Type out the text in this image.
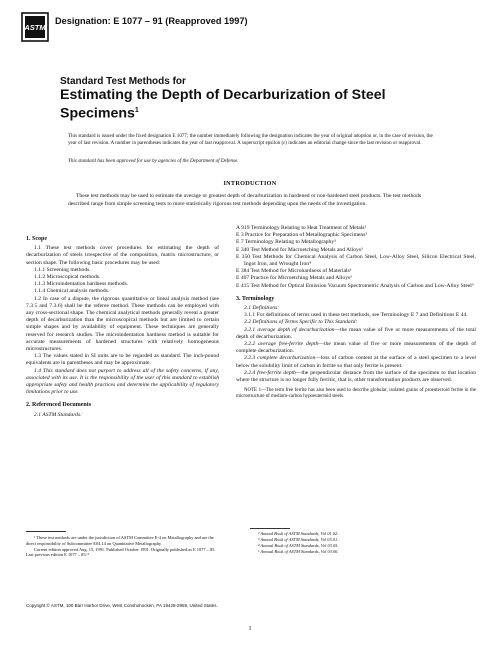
ASTM
Designation: E 1077 – 91 (Reapproved 1997)
Standard Test Methods for
Estimating the Depth of Decarburization of Steel
Specimens$^1$
This standard is issued under the fixed designation E 1077; the number immediately following the designation indicates the year of original adoption or, in the case of revision, the year of last revision. A number in parentheses indicates the year of last reapproval. A superscript epsilon (ε) indicates an editorial change since the last revision or reapproval.
This standard has been approved for use by agencies of the Department of Defense.
INTRODUCTION
These test methods may be used to estimate the average or greatest depth of decarburization in hardened or non-hardened steel products. The test methods described range from simple screening tests to more statistically rigorous test methods depending upon the needs of the investigation.
1. Scope

1.1 These test methods cover procedures for estimating the depth of decarburization of steels irrespective of the composition, matrix microstructure, or section shape. The following basic procedures may be used:

1.1.1 Screening methods.

1.1.2 Microscopical methods.

1.1.3 Microindentation hardness methods.

1.1.4 Chemical analysis methods.

1.2 In case of a dispute, the rigorous quantitative or lineal analysis method (see 7.3.5 and 7.3.6) shall be the referee method. These methods can be employed with any cross-sectional shape. The chemical analytical methods generally reveal a greater depth of decarburization than the microscopical methods but are limited to certain simple shapes and by availability of equipment. These techniques are generally reserved for research studies. The microindentation hardness method is suitable for accurate measurements of hardened structures with relatively homogeneous microstructures.

1.3 The values stated in SI units are to be regarded as standard. The inch-pound equivalents are in parentheses and may be approximate.

1.4 This standard does not purport to address all of the safety concerns, if any, associated with its use. It is the responsibility of the user of this standard to establish appropriate safety and health practices and determine the applicability of regulatory limitations prior to use.

2. Referenced Documents

2.1 ASTM Standards:

A 919 Terminology Relating to Heat Treatment of Metals²

E 3 Practice for Preparation of Metallographic Specimens³

E 7 Terminology Relating to Metallography³

E 340 Test Method for Macroetching Metals and Alloys³

E 350 Test Methods for Chemical Analysis of Carbon Steel, Low-Alloy Steel, Silicon Electrical Steel, Ingot Iron, and Wrought Iron⁴

E 384 Test Method for Microhardness of Materials³

E 407 Practice for Microetching Metals and Alloys³

E 415 Test Method for Optical Emission Vacuum Spectrometric Analysis of Carbon and Low-Alloy Steel⁵

3. Terminology

3.1 Definitions:

3.1.1 For definitions of terms used in these test methods, see Terminology E 7 and Definitions E 44.

3.2 Definitions of Terms Specific to This Standard:

3.2.1 average depth of decarburization—the mean value of five or more measurements of the total depth of decarburization.

3.2.2 average free-ferrite depth—the mean value of five or more measurements of the depth of complete decarburization.

3.2.3 complete decarburization—loss of carbon content at the surface of a steel specimen to a level below the solubility limit of carbon in ferrite so that only ferrite is present.

3.2.4 free-ferrite depth—the perpendicular distance from the surface of the specimen to that location where the structure is no longer fully ferritic, that is, other transformation products are observed.

NOTE 1—The term free ferrite has also been used to describe globular, isolated grains of proeutectoid ferrite in the microstructure of medium-carbon hypoeutectoid steels.

¹ These test methods are under the jurisdiction of ASTM Committee E-4 on Metallography and are the direct responsibility of Subcommittee E04.14 on Quantitative Metallography.

Current edition approved Aug. 15, 1991. Published October 1991. Originally published as E 1077 – 85. Last previous edition E 1077 – 85.ᵉ¹

² Annual Book of ASTM Standards, Vol 01.02.

³ Annual Book of ASTM Standards, Vol 03.01.

⁴ Annual Book of ASTM Standards, Vol 03.05.

⁵ Annual Book of ASTM Standards, Vol 03.06.

Copyright © ASTM, 100 Barr Harbor Drive, West Conshohocken, PA 19428-2959, United States.
1
